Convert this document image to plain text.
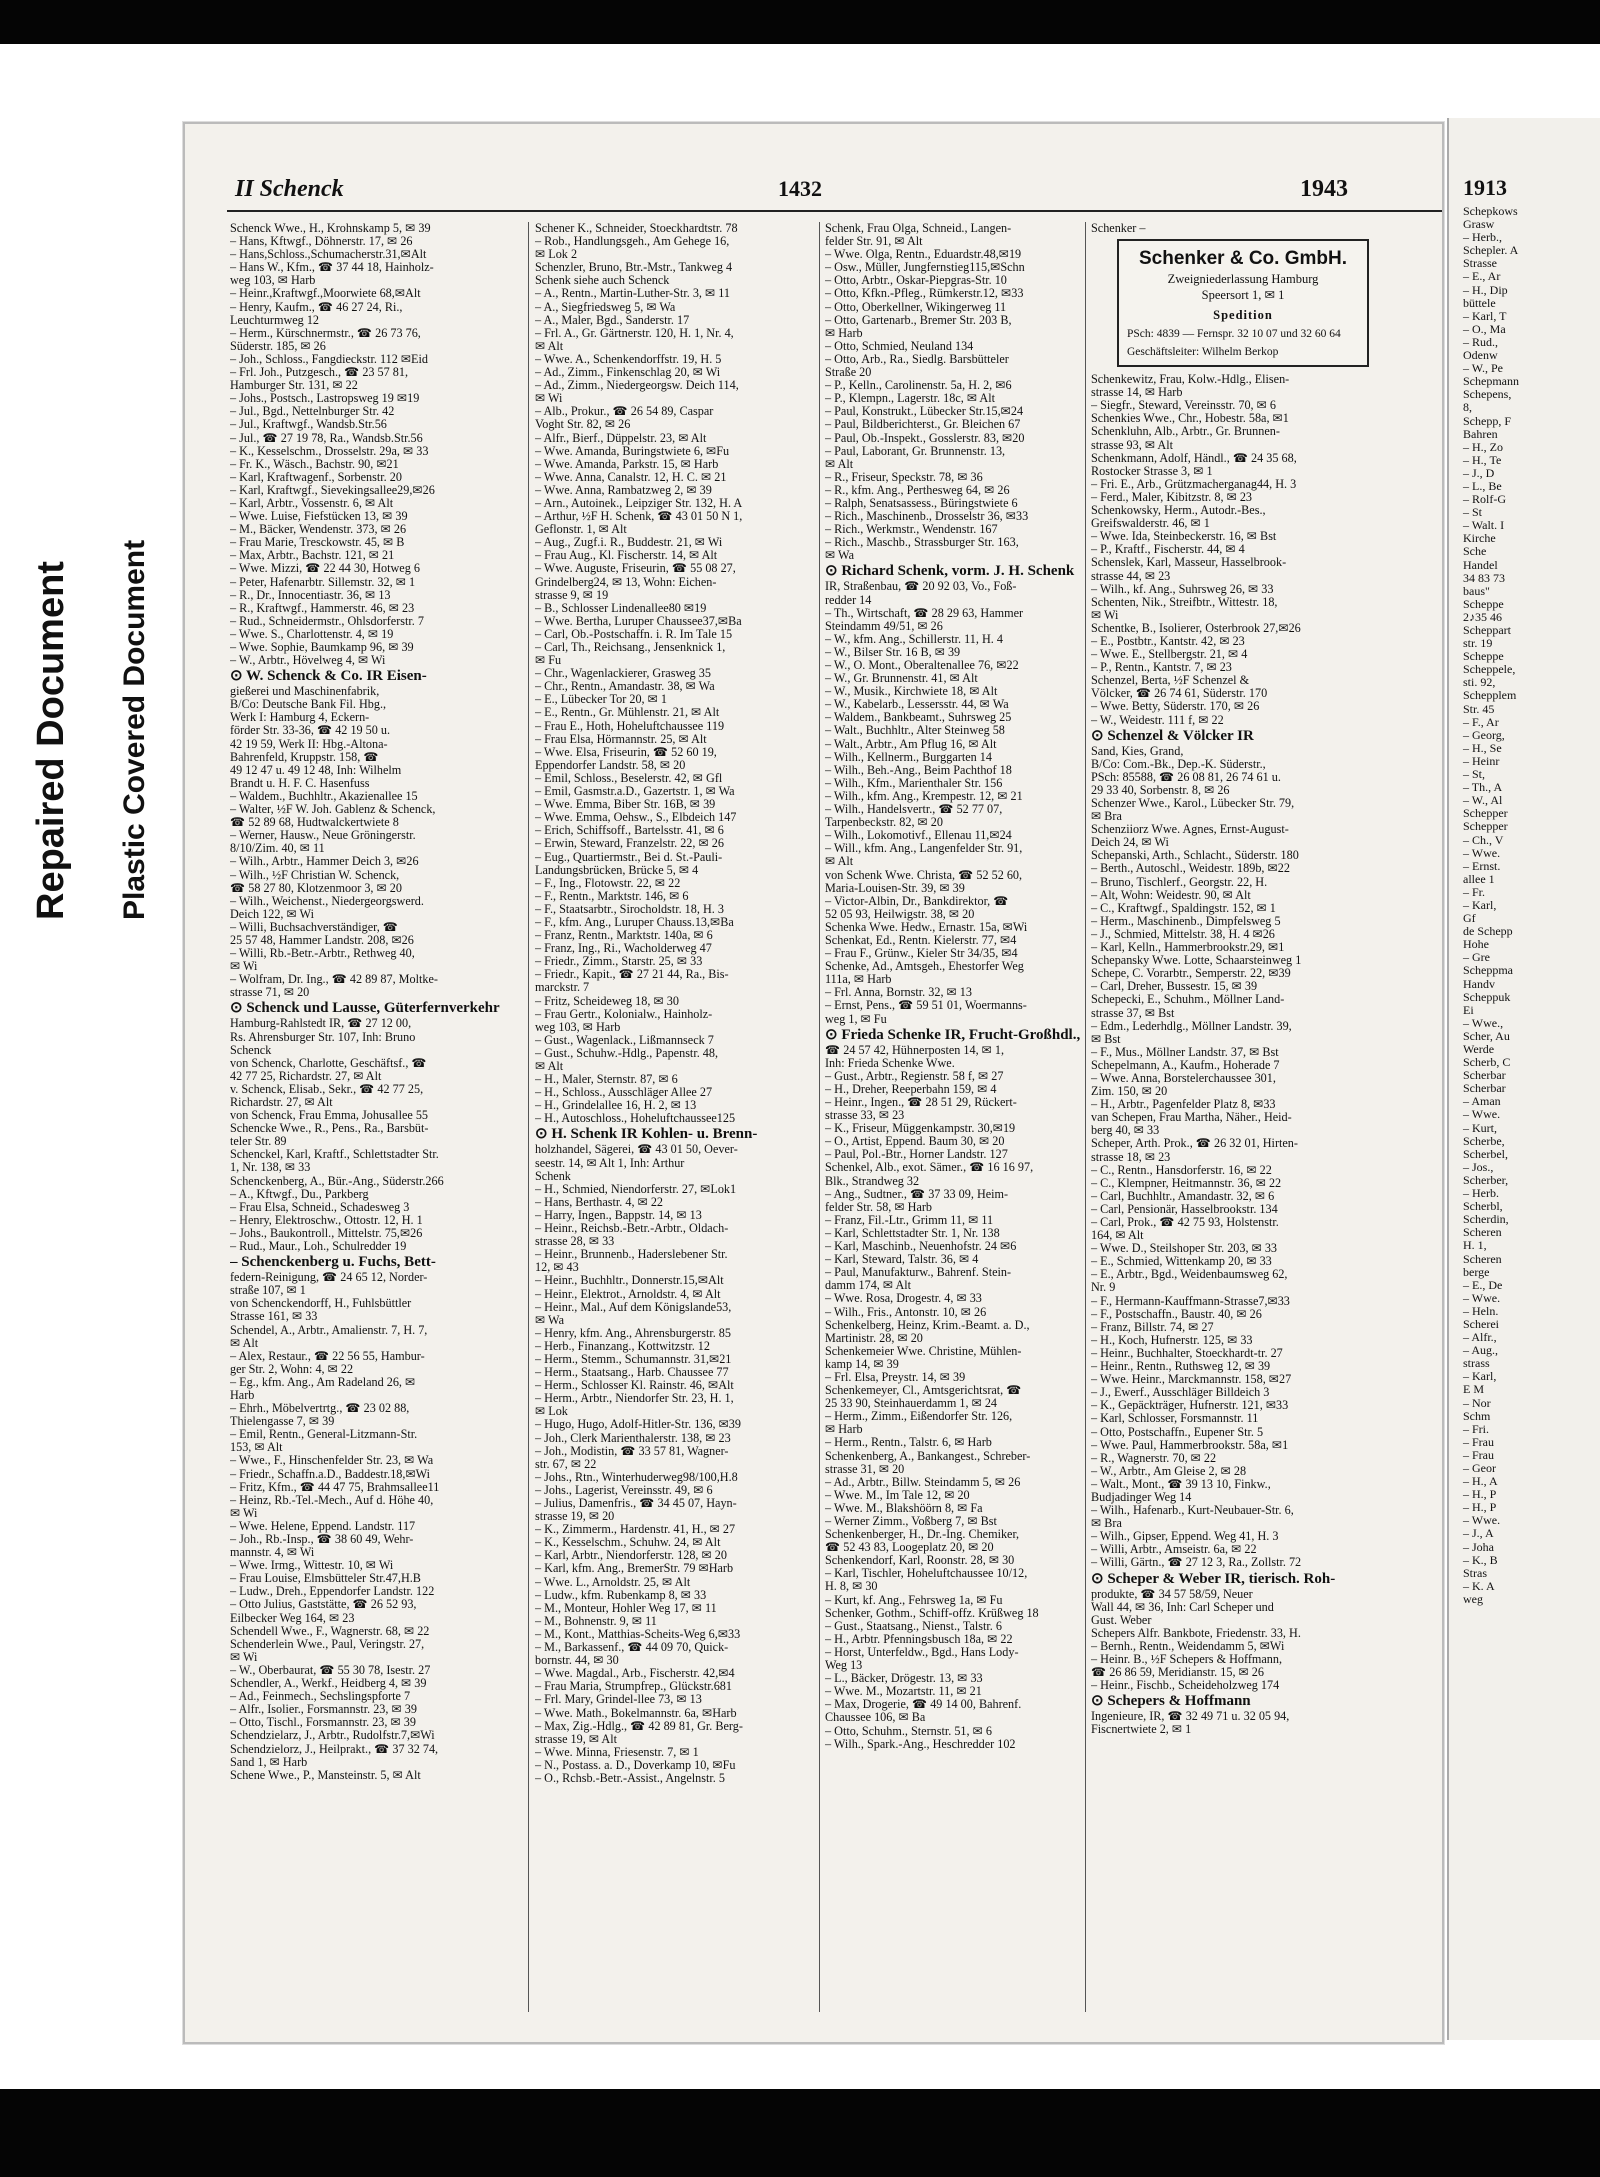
Repaired Document Plastic Covered Document
II Schenck	1432	1943
Schenck Wwe., H., Krohnskamp 5, ✉ 39
– Hans, Kftwgf., Döhnerstr. 17, ✉ 26
– Hans,Schloss.,Schumacherstr.31,✉Alt
– Hans W., Kfm., ☎ 37 44 18, Hainholz-
weg 103, ✉ Harb
– Heinr.,Kraftwgf.,Moorwiete 68,✉Alt
– Henry, Kaufm., ☎ 46 27 24, Ri.,
Leuchturmweg 12
– Herm., Kürschnermstr., ☎ 26 73 76,
Süderstr. 185, ✉ 26
– Joh., Schloss., Fangdieckstr. 112 ✉Eid
– Frl. Joh., Putzgesch., ☎ 23 57 81,
Hamburger Str. 131, ✉ 22
– Johs., Postsch., Lastropsweg 19 ✉19
– Jul., Bgd., Nettelnburger Str. 42
– Jul., Kraftwgf., Wandsb.Str.56
– Jul., ☎ 27 19 78, Ra., Wandsb.Str.56
– K., Kesselschm., Drosselstr. 29a, ✉ 33
– Fr. K., Wäsch., Bachstr. 90, ✉21
– Karl, Kraftwagenf., Sorbenstr. 20
– Karl, Kraftwgf., Sievekingsallee29,✉26
– Karl, Arbtr., Vossenstr. 6, ✉ Alt
– Wwe. Luise, Fiefstücken 13, ✉ 39
– M., Bäcker, Wendenstr. 373, ✉ 26
– Frau Marie, Tresckowstr. 45, ✉ B
– Max, Arbtr., Bachstr. 121, ✉ 21
– Wwe. Mizzi, ☎ 22 44 30, Hotweg 6
– Peter, Hafenarbtr. Sillemstr. 32, ✉ 1
– R., Dr., Innocentiastr. 36, ✉ 13
– R., Kraftwgf., Hammerstr. 46, ✉ 23
– Rud., Schneidermstr., Ohlsdorferstr. 7
– Wwe. S., Charlottenstr. 4, ✉ 19
– Wwe. Sophie, Baumkamp 96, ✉ 39
– W., Arbtr., Hövelweg 4, ✉ Wi
⊙ W. Schenck & Co. IR Eisen-
gießerei und Maschinenfabrik,
B/Co: Deutsche Bank Fil. Hbg.,
Werk I: Hamburg 4, Eckern-
förder Str. 33-36, ☎ 42 19 50 u.
42 19 59, Werk II: Hbg.-Altona-
Bahrenfeld, Kruppstr. 158, ☎
49 12 47 u. 49 12 48, Inh: Wilhelm
Brandt u. H. F. C. Hasenfuss
– Waldem., Buchhltr., Akazienallee 15
– Walter, ½F W. Joh. Gablenz & Schenck,
☎ 52 89 68, Hudtwalckertwiete 8
– Werner, Hausw., Neue Gröningerstr.
8/10/Zim. 40, ✉ 11
– Wilh., Arbtr., Hammer Deich 3, ✉26
– Wilh., ½F Christian W. Schenck,
☎ 58 27 80, Klotzenmoor 3, ✉ 20
– Wilh., Weichenst., Niedergeorgswerd.
Deich 122, ✉ Wi
– Willi, Buchsachverständiger, ☎
25 57 48, Hammer Landstr. 208, ✉26
– Willi, Rb.-Betr.-Arbtr., Rethweg 40,
✉ Wi
– Wolfram, Dr. Ing., ☎ 42 89 87, Moltke-
strasse 71, ✉ 20
⊙ Schenck und Lausse, Güterfernverkehr
Hamburg-Rahlstedt IR, ☎ 27 12 00,
Rs. Ahrensburger Str. 107, Inh: Bruno
Schenck
von Schenck, Charlotte, Geschäftsf., ☎
42 77 25, Richardstr. 27, ✉ Alt
v. Schenck, Elisab., Sekr., ☎ 42 77 25,
Richardstr. 27, ✉ Alt
von Schenck, Frau Emma, Johusallee 55
Schencke Wwe., R., Pens., Ra., Barsbüt-
teler Str. 89
Schenckel, Karl, Kraftf., Schlettstadter Str.
1, Nr. 138, ✉ 33
Schenckenberg, A., Bür.-Ang., Süderstr.266
– A., Kftwgf., Du., Parkberg
– Frau Elsa, Schneid., Schadesweg 3
– Henry, Elektroschw., Ottostr. 12, H. 1
– Johs., Baukontroll., Mittelstr. 75,✉26
– Rud., Maur., Loh., Schulredder 19
– Schenckenberg u. Fuchs, Bett-
federn-Reinigung, ☎ 24 65 12, Norder-
straße 107, ✉ 1
von Schenckendorff, H., Fuhlsbüttler
Strasse 161, ✉ 33
Schendel, A., Arbtr., Amalienstr. 7, H. 7,
✉ Alt
– Alex, Restaur., ☎ 22 56 55, Hambur-
ger Str. 2, Wohn: 4, ✉ 22
– Eg., kfm. Ang., Am Radeland 26, ✉
Harb
– Ehrh., Möbelvertrtg., ☎ 23 02 88,
Thielengasse 7, ✉ 39
– Emil, Rentn., General-Litzmann-Str.
153, ✉ Alt
– Wwe., F., Hinschenfelder Str. 23, ✉ Wa
– Friedr., Schaffn.a.D., Baddestr.18,✉Wi
– Fritz, Kfm., ☎ 44 47 75, Brahmsallee11
– Heinz, Rb.-Tel.-Mech., Auf d. Höhe 40,
✉ Wi
– Wwe. Helene, Eppend. Landstr. 117
– Joh., Rb.-Insp., ☎ 38 60 49, Wehr-
mannstr. 4, ✉ Wi
– Wwe. Irmg., Wittestr. 10, ✉ Wi
– Frau Louise, Elmsbütteler Str.47,H.B
– Ludw., Dreh., Eppendorfer Landstr. 122
– Otto Julius, Gaststätte, ☎ 26 52 93,
Eilbecker Weg 164, ✉ 23
Schendell Wwe., F., Wagnerstr. 68, ✉ 22
Schenderlein Wwe., Paul, Veringstr. 27,
✉ Wi
– W., Oberbaurat, ☎ 55 30 78, Isestr. 27
Schendler, A., Werkf., Heidberg 4, ✉ 39
– Ad., Feinmech., Sechslingspforte 7
– Alfr., Isolier., Forsmannstr. 23, ✉ 39
– Otto, Tischl., Forsmannstr. 23, ✉ 39
Schendzielarz, J., Arbtr., Rudolfstr.7,✉Wi
Schendzielorz, J., Heilprakt., ☎ 37 32 74,
Sand 1, ✉ Harb
Schene Wwe., P., Mansteinstr. 5, ✉ Alt
Schener K., Schneider, Stoeckhardtstr. 78
– Rob., Handlungsgeh., Am Gehege 16,
✉ Lok 2
Schenzler, Bruno, Btr.-Mstr., Tankweg 4
Schenk siehe auch Schenck
– A., Rentn., Martin-Luther-Str. 3, ✉ 11
– A., Siegfriedsweg 5, ✉ Wa
– A., Maler, Bgd., Sanderstr. 17
– Frl. A., Gr. Gärtnerstr. 120, H. 1, Nr. 4,
✉ Alt
– Wwe. A., Schenkendorffstr. 19, H. 5
– Ad., Zimm., Finkenschlag 20, ✉ Wi
– Ad., Zimm., Niedergeorgsw. Deich 114,
✉ Wi
– Alb., Prokur., ☎ 26 54 89, Caspar
Voght Str. 82, ✉ 26
– Alfr., Bierf., Düppelstr. 23, ✉ Alt
– Wwe. Amanda, Buringstwiete 6, ✉Fu
– Wwe. Amanda, Parkstr. 15, ✉ Harb
– Wwe. Anna, Canalstr. 12, H. C. ✉ 21
– Wwe. Anna, Rambatzweg 2, ✉ 39
– Arn., Autoinek., Leipziger Str. 132, H. A
– Arthur, ½F H. Schenk, ☎ 43 01 50 N 1,
Geflonstr. 1, ✉ Alt
– Aug., Zugf.i. R., Buddestr. 21, ✉ Wi
– Frau Aug., Kl. Fischerstr. 14, ✉ Alt
– Wwe. Auguste, Friseurin, ☎ 55 08 27,
Grindelberg24, ✉ 13, Wohn: Eichen-
strasse 9, ✉ 19
– B., Schlosser Lindenallee80 ✉19
– Wwe. Bertha, Luruper Chaussee37,✉Ba
– Carl, Ob.-Postschaffn. i. R. Im Tale 15
– Carl, Th., Reichsang., Jensenknick 1,
✉ Fu
– Chr., Wagenlackierer, Grasweg 35
– Chr., Rentn., Amandastr. 38, ✉ Wa
– E., Lübecker Tor 20, ✉ 1
– E., Rentn., Gr. Mühlenstr. 21, ✉ Alt
– Frau E., Hoth, Hoheluftchaussee 119
– Frau Elsa, Hörmannstr. 25, ✉ Alt
– Wwe. Elsa, Friseurin, ☎ 52 60 19,
Eppendorfer Landstr. 58, ✉ 20
– Emil, Schloss., Beselerstr. 42, ✉ Gfl
– Emil, Gasmstr.a.D., Gazertstr. 1, ✉ Wa
– Wwe. Emma, Biber Str. 16B, ✉ 39
– Wwe. Emma, Oehsw., S., Elbdeich 147
– Erich, Schiffsoff., Bartelsstr. 41, ✉ 6
– Erwin, Steward, Franzelstr. 22, ✉ 26
– Eug., Quartiermstr., Bei d. St.-Pauli-
Landungsbrücken, Brücke 5, ✉ 4
– F., Ing., Flotowstr. 22, ✉ 22
– F., Rentn., Marktstr. 146, ✉ 6
– F., Staatsarbtr., Sirocholdstr. 18, H. 3
– F., kfm. Ang., Luruper Chauss.13,✉Ba
– Franz, Rentn., Marktstr. 140a, ✉ 6
– Franz, Ing., Ri., Wacholderweg 47
– Friedr., Zimm., Starstr. 25, ✉ 33
– Friedr., Kapit., ☎ 27 21 44, Ra., Bis-
marckstr. 7
– Fritz, Scheideweg 18, ✉ 30
– Frau Gertr., Kolonialw., Hainholz-
weg 103, ✉ Harb
– Gust., Wagenlack., Lißmannseck 7
– Gust., Schuhw.-Hdlg., Papenstr. 48,
✉ Alt
– H., Maler, Sternstr. 87, ✉ 6
– H., Schloss., Ausschläger Allee 27
– H., Grindelallee 16, H. 2, ✉ 13
– H., Autoschloss., Hoheluftchaussee125
⊙ H. Schenk IR Kohlen- u. Brenn-
holzhandel, Sägerei, ☎ 43 01 50, Oever-
seestr. 14, ✉ Alt 1, Inh: Arthur
Schenk
– H., Schmied, Niendorferstr. 27, ✉Lok1
– Hans, Berthastr. 4, ✉ 22
– Harry, Ingen., Bappstr. 14, ✉ 13
– Heinr., Reichsb.-Betr.-Arbtr., Oldach-
strasse 28, ✉ 33
– Heinr., Brunnenb., Haderslebener Str.
12, ✉ 43
– Heinr., Buchhltr., Donnerstr.15,✉Alt
– Heinr., Elektrot., Arnoldstr. 4, ✉ Alt
– Heinr., Mal., Auf dem Königslande53,
✉ Wa
– Henry, kfm. Ang., Ahrensburgerstr. 85
– Herb., Finanzang., Kottwitzstr. 12
– Herm., Stemm., Schumannstr. 31,✉21
– Herm., Staatsang., Harb. Chaussee 77
– Herm., Schlosser Kl. Rainstr. 46, ✉Alt
– Herm., Arbtr., Niendorfer Str. 23, H. 1,
✉ Lok
– Hugo, Hugo, Adolf-Hitler-Str. 136, ✉39
– Joh., Clerk Marienthalerstr. 138, ✉ 23
– Joh., Modistin, ☎ 33 57 81, Wagner-
str. 67, ✉ 22
– Johs., Rtn., Winterhuderweg98/100,H.8
– Johs., Lagerist, Vereinsstr. 49, ✉ 6
– Julius, Damenfris., ☎ 34 45 07, Hayn-
strasse 19, ✉ 20
– K., Zimmerm., Hardenstr. 41, H., ✉ 27
– K., Kesselschm., Schuhw. 24, ✉ Alt
– Karl, Arbtr., Niendorferstr. 128, ✉ 20
– Karl, kfm. Ang., BremerStr. 79 ✉Harb
– Wwe. L., Arnoldstr. 25, ✉ Alt
– Ludw., kfm. Rubenkamp 8, ✉ 33
– M., Monteur, Hohler Weg 17, ✉ 11
– M., Bohnenstr. 9, ✉ 11
– M., Kont., Matthias-Scheits-Weg 6,✉33
– M., Barkassenf., ☎ 44 09 70, Quick-
bornstr. 44, ✉ 30
– Wwe. Magdal., Arb., Fischerstr. 42,✉4
– Frau Maria, Strumpfrep., Glückstr.681
– Frl. Mary, Grindel-llee 73, ✉ 13
– Wwe. Math., Bokelmannstr. 6a, ✉Harb
– Max, Zig.-Hdlg., ☎ 42 89 81, Gr. Berg-
strasse 19, ✉ Alt
– Wwe. Minna, Friesenstr. 7, ✉ 1
– N., Postass. a. D., Doverkamp 10, ✉Fu
– O., Rchsb.-Betr.-Assist., Angelnstr. 5
Schenk, Frau Olga, Schneid., Langen-
felder Str. 91, ✉ Alt
– Wwe. Olga, Rentn., Eduardstr.48,✉19
– Osw., Müller, Jungfernstieg115,✉Schn
– Otto, Arbtr., Oskar-Piepgras-Str. 10
– Otto, Kfkn.-Pfleg., Rümkerstr.12, ✉33
– Otto, Oberkellner, Wikingerweg 11
– Otto, Gartenarb., Bremer Str. 203 B,
✉ Harb
– Otto, Schmied, Neuland 134
– Otto, Arb., Ra., Siedlg. Barsbütteler
Straße 20
– P., Kelln., Carolinenstr. 5a, H. 2, ✉6
– P., Klempn., Lagerstr. 18c, ✉ Alt
– Paul, Konstrukt., Lübecker Str.15,✉24
– Paul, Bildberichterst., Gr. Bleichen 67
– Paul, Ob.-Inspekt., Gosslerstr. 83, ✉20
– Paul, Laborant, Gr. Brunnenstr. 13,
✉ Alt
– R., Friseur, Speckstr. 78, ✉ 36
– R., kfm. Ang., Perthesweg 64, ✉ 26
– Ralph, Senatsassess., Büringstwiete 6
– Rich., Maschinenb., Drosselstr 36, ✉33
– Rich., Werkmstr., Wendenstr. 167
– Rich., Maschb., Strassburger Str. 163,
✉ Wa
⊙ Richard Schenk, vorm. J. H. Schenk
IR, Straßenbau, ☎ 20 92 03, Vo., Foß-
redder 14
– Th., Wirtschaft, ☎ 28 29 63, Hammer
Steindamm 49/51, ✉ 26
– W., kfm. Ang., Schillerstr. 11, H. 4
– W., Bilser Str. 16 B, ✉ 39
– W., O. Mont., Oberaltenallee 76, ✉22
– W., Gr. Brunnenstr. 41, ✉ Alt
– W., Musik., Kirchwiete 18, ✉ Alt
– W., Kabelarb., Lessersstr. 44, ✉ Wa
– Waldem., Bankbeamt., Suhrsweg 25
– Walt., Buchhltr., Alter Steinweg 58
– Walt., Arbtr., Am Pflug 16, ✉ Alt
– Wilh., Kellnerm., Burggarten 14
– Wilh., Beh.-Ang., Beim Pachthof 18
– Wilh., Kfm., Marienthaler Str. 156
– Wilh., kfm. Ang., Krempestr. 12, ✉ 21
– Wilh., Handelsvertr., ☎ 52 77 07,
Tarpenbeckstr. 82, ✉ 20
– Wilh., Lokomotivf., Ellenau 11,✉24
– Will., kfm. Ang., Langenfelder Str. 91,
✉ Alt
von Schenk Wwe. Christa, ☎ 52 52 60,
Maria-Louisen-Str. 39, ✉ 39
– Victor-Albin, Dr., Bankdirektor, ☎
52 05 93, Heilwigstr. 38, ✉ 20
Schenka Wwe. Hedw., Ernastr. 15a, ✉Wi
Schenkat, Ed., Rentn. Kielerstr. 77, ✉4
– Frau F., Grünw., Kieler Str 34/35, ✉4
Schenke, Ad., Amtsgeh., Ehestorfer Weg
111a, ✉ Harb
– Frl. Anna, Bornstr. 32, ✉ 13
– Ernst, Pens., ☎ 59 51 01, Woermanns-
weg 1, ✉ Fu
⊙ Frieda Schenke IR, Frucht-Großhdl.,
☎ 24 57 42, Hühnerposten 14, ✉ 1,
Inh: Frieda Schenke Wwe.
– Gust., Arbtr., Regienstr. 58 f, ✉ 27
– H., Dreher, Reeperbahn 159, ✉ 4
– Heinr., Ingen., ☎ 28 51 29, Rückert-
strasse 33, ✉ 23
– K., Friseur, Müggenkampstr. 30,✉19
– O., Artist, Eppend. Baum 30, ✉ 20
– Paul, Pol.-Btr., Horner Landstr. 127
Schenkel, Alb., exot. Sämer., ☎ 16 16 97,
Blk., Strandweg 32
– Ang., Sudtner., ☎ 37 33 09, Heim-
felder Str. 58, ✉ Harb
– Franz, Fil.-Ltr., Grimm 11, ✉ 11
– Karl, Schlettstadter Str. 1, Nr. 138
– Karl, Maschinb., Neuenhofstr. 24 ✉6
– Karl, Steward, Talstr. 36, ✉ 4
– Paul, Manufakturw., Bahrenf. Stein-
damm 174, ✉ Alt
– Wwe. Rosa, Drogestr. 4, ✉ 33
– Wilh., Fris., Antonstr. 10, ✉ 26
Schenkelberg, Heinz, Krim.-Beamt. a. D.,
Martinistr. 28, ✉ 20
Schenkemeier Wwe. Christine, Mühlen-
kamp 14, ✉ 39
– Frl. Elsa, Preystr. 14, ✉ 39
Schenkemeyer, Cl., Amtsgerichtsrat, ☎
25 33 90, Steinhauerdamm 1, ✉ 24
– Herm., Zimm., Eißendorfer Str. 126,
✉ Harb
– Herm., Rentn., Talstr. 6, ✉ Harb
Schenkenberg, A., Bankangest., Schreber-
strasse 31, ✉ 20
– Ad., Arbtr., Billw. Steindamm 5, ✉ 26
– Wwe. M., Im Tale 12, ✉ 20
– Wwe. M., Blakshöörn 8, ✉ Fa
– Werner Zimm., Voßberg 7, ✉ Bst
Schenkenberger, H., Dr.-Ing. Chemiker,
☎ 52 43 83, Loogeplatz 20, ✉ 20
Schenkendorf, Karl, Roonstr. 28, ✉ 30
– Karl, Tischler, Hoheluftchaussee 10/12,
H. 8, ✉ 30
– Kurt, kf. Ang., Fehrsweg 1a, ✉ Fu
Schenker, Gothm., Schiff-offz. Krüßweg 18
– Gust., Staatsang., Nienst., Talstr. 6
– H., Arbtr. Pfenningsbusch 18a, ✉ 22
– Horst, Unterfeldw., Bgd., Hans Lody-
Weg 13
– L., Bäcker, Drögestr. 13, ✉ 33
– Wwe. M., Mozartstr. 11, ✉ 21
– Max, Drogerie, ☎ 49 14 00, Bahrenf.
Chaussee 106, ✉ Ba
– Otto, Schuhm., Sternstr. 51, ✉ 6
– Wilh., Spark.-Ang., Heschredder 102
Schenker –
Schenker & Co. GmbH.
Zweigniederlassung Hamburg
Speersort 1, ✉ 1
Spedition
PSch: 4839 — Fernspr. 32 10 07 und 32 60 64
Geschäftsleiter: Wilhelm Berkop
Schenkewitz, Frau, Kolw.-Hdlg., Elisen-
strasse 14, ✉ Harb
– Siegfr., Steward, Vereinsstr. 70, ✉ 6
Schenkies Wwe., Chr., Hobestr. 58a, ✉1
Schenkluhn, Alb., Arbtr., Gr. Brunnen-
strasse 93, ✉ Alt
Schenkmann, Adolf, Händl., ☎ 24 35 68,
Rostocker Strasse 3, ✉ 1
– Fri. E., Arb., Grützmacherganag44, H. 3
– Ferd., Maler, Kibitzstr. 8, ✉ 23
Schenkowsky, Herm., Autodr.-Bes.,
Greifswalderstr. 46, ✉ 1
– Wwe. Ida, Steinbeckerstr. 16, ✉ Bst
– P., Kraftf., Fischerstr. 44, ✉ 4
Schenslek, Karl, Masseur, Hasselbrook-
strasse 44, ✉ 23
– Wilh., kf. Ang., Suhrsweg 26, ✉ 33
Schenten, Nik., Streifbtr., Wittestr. 18,
✉ Wi
Schentke, B., Isolierer, Osterbrook 27,✉26
– E., Postbtr., Kantstr. 42, ✉ 23
– Wwe. E., Stellbergstr. 21, ✉ 4
– P., Rentn., Kantstr. 7, ✉ 23
Schenzel, Berta, ½F Schenzel &
Völcker, ☎ 26 74 61, Süderstr. 170
– Wwe. Betty, Süderstr. 170, ✉ 26
– W., Weidestr. 111 f, ✉ 22
⊙ Schenzel & Völcker IR
Sand, Kies, Grand,
B/Co: Com.-Bk., Dep.-K. Süderstr.,
PSch: 85588, ☎ 26 08 81, 26 74 61 u.
29 33 40, Sorbenstr. 8, ✉ 26
Schenzer Wwe., Karol., Lübecker Str. 79,
✉ Bra
Schenziiorz Wwe. Agnes, Ernst-August-
Deich 24, ✉ Wi
Schepanski, Arth., Schlacht., Süderstr. 180
– Berth., Autoschl., Weidestr. 189b, ✉22
– Bruno, Tischlerf., Georgstr. 22, H.
– Alt, Wohn: Weidestr. 90, ✉ Alt
– C., Kraftwgf., Spaldingstr. 152, ✉ 1
– Herm., Maschinenb., Dimpfelsweg 5
– J., Schmied, Mittelstr. 38, H. 4 ✉26
– Karl, Kelln., Hammerbrookstr.29, ✉1
Schepansky Wwe. Lotte, Schaarsteinweg 1
Schepe, C. Vorarbtr., Semperstr. 22, ✉39
– Carl, Dreher, Bussestr. 15, ✉ 39
Schepecki, E., Schuhm., Möllner Land-
strasse 37, ✉ Bst
– Edm., Lederhdlg., Möllner Landstr. 39,
✉ Bst
– F., Mus., Möllner Landstr. 37, ✉ Bst
Schepelmann, A., Kaufm., Hoherade 7
– Wwe. Anna, Borstelerchaussee 301,
Zim. 150, ✉ 20
– H., Arbtr., Pagenfelder Platz 8, ✉33
van Schepen, Frau Martha, Näher., Heid-
berg 40, ✉ 33
Scheper, Arth. Prok., ☎ 26 32 01, Hirten-
strasse 18, ✉ 23
– C., Rentn., Hansdorferstr. 16, ✉ 22
– C., Klempner, Heitmannstr. 36, ✉ 22
– Carl, Buchhltr., Amandastr. 32, ✉ 6
– Carl, Pensionär, Hasselbrookstr. 134
– Carl, Prok., ☎ 42 75 93, Holstenstr.
164, ✉ Alt
– Wwe. D., Steilshoper Str. 203, ✉ 33
– E., Schmied, Wittenkamp 20, ✉ 33
– E., Arbtr., Bgd., Weidenbaumsweg 62,
Nr. 9
– F., Hermann-Kauffmann-Strasse7,✉33
– F., Postschaffn., Baustr. 40, ✉ 26
– Franz, Billstr. 74, ✉ 27
– H., Koch, Hufnerstr. 125, ✉ 33
– Heinr., Buchhalter, Stoeckhardt-tr. 27
– Heinr., Rentn., Ruthsweg 12, ✉ 39
– Wwe. Heinr., Marckmannstr. 158, ✉27
– J., Ewerf., Ausschläger Billdeich 3
– K., Gepäckträger, Hufnerstr. 121, ✉33
– Karl, Schlosser, Forsmannstr. 11
– Otto, Postschaffn., Eupener Str. 5
– Wwe. Paul, Hammerbrookstr. 58a, ✉1
– R., Wagnerstr. 70, ✉ 22
– W., Arbtr., Am Gleise 2, ✉ 28
– Walt., Mont., ☎ 39 13 10, Finkw.,
Budjadinger Weg 14
– Wilh., Hafenarb., Kurt-Neubauer-Str. 6,
✉ Bra
– Wilh., Gipser, Eppend. Weg 41, H. 3
– Willi, Arbtr., Amseistr. 6a, ✉ 22
– Willi, Gärtn., ☎ 27 12 3, Ra., Zollstr. 72
⊙ Scheper & Weber IR, tierisch. Roh-
produkte, ☎ 34 57 58/59, Neuer
Wall 44, ✉ 36, Inh: Carl Scheper und
Gust. Weber
Schepers Alfr. Bankbote, Friedenstr. 33, H.
– Bernh., Rentn., Weidendamm 5, ✉Wi
– Heinr. B., ½F Schepers & Hoffmann,
☎ 26 86 59, Meridianstr. 15, ✉ 26
– Heinr., Fischb., Scheideholzweg 174
⊙ Schepers & Hoffmann
Ingenieure, IR, ☎ 32 49 71 u. 32 05 94,
Fiscnertwiete 2, ✉ 1
1913
Schepkows
Grasw
– Herb.,
Schepler. A
Strasse
– E., Ar
– H., Dip
büttele
– Karl, T
– O., Ma
– Rud.,
Odenw
– W., Pe
Schepmann
Schepens,
8,
Schepp, F
Bahren
– H., Zo
– H., Te
– J., D
– L., Be
– Rolf-G
– St
– Walt. I
Kirche
Sche
Handel
34 83 73
baus"
Scheppe
2♪35 46
Scheppart
str. 19
Scheppe
Scheppele,
sti. 92,
Schepplem
Str. 45
– F., Ar
– Georg,
– H., Se
– Heinr
– St,
– Th., A
– W., Al
Schepper
Schepper
– Ch., V
– Wwe.
– Ernst.
allee 1
– Fr.
– Karl,
Gf
de Schepp
Hohe
– Gre
Scheppma
Handv
Scheppuk
Ei
– Wwe.,
Scher, Au
Werde
Scherb, C
Scherbar
Scherbar
– Aman
– Wwe.
– Kurt,
Scherbe,
Scherbel,
– Jos.,
Scherber,
– Herb.
Scherbl,
Scherdin,
Scheren
H. 1,
Scheren
berge
– E., De
– Wwe.
– Heln.
Scherei
– Alfr.,
– Aug.,
strass
– Karl,
E M
– Nor
Schm
– Fri.
– Frau
– Frau
– Geor
– H., A
– H., P
– H., P
– Wwe.
– J., A
– Joha
– K., B
Stras
– K. A
weg
